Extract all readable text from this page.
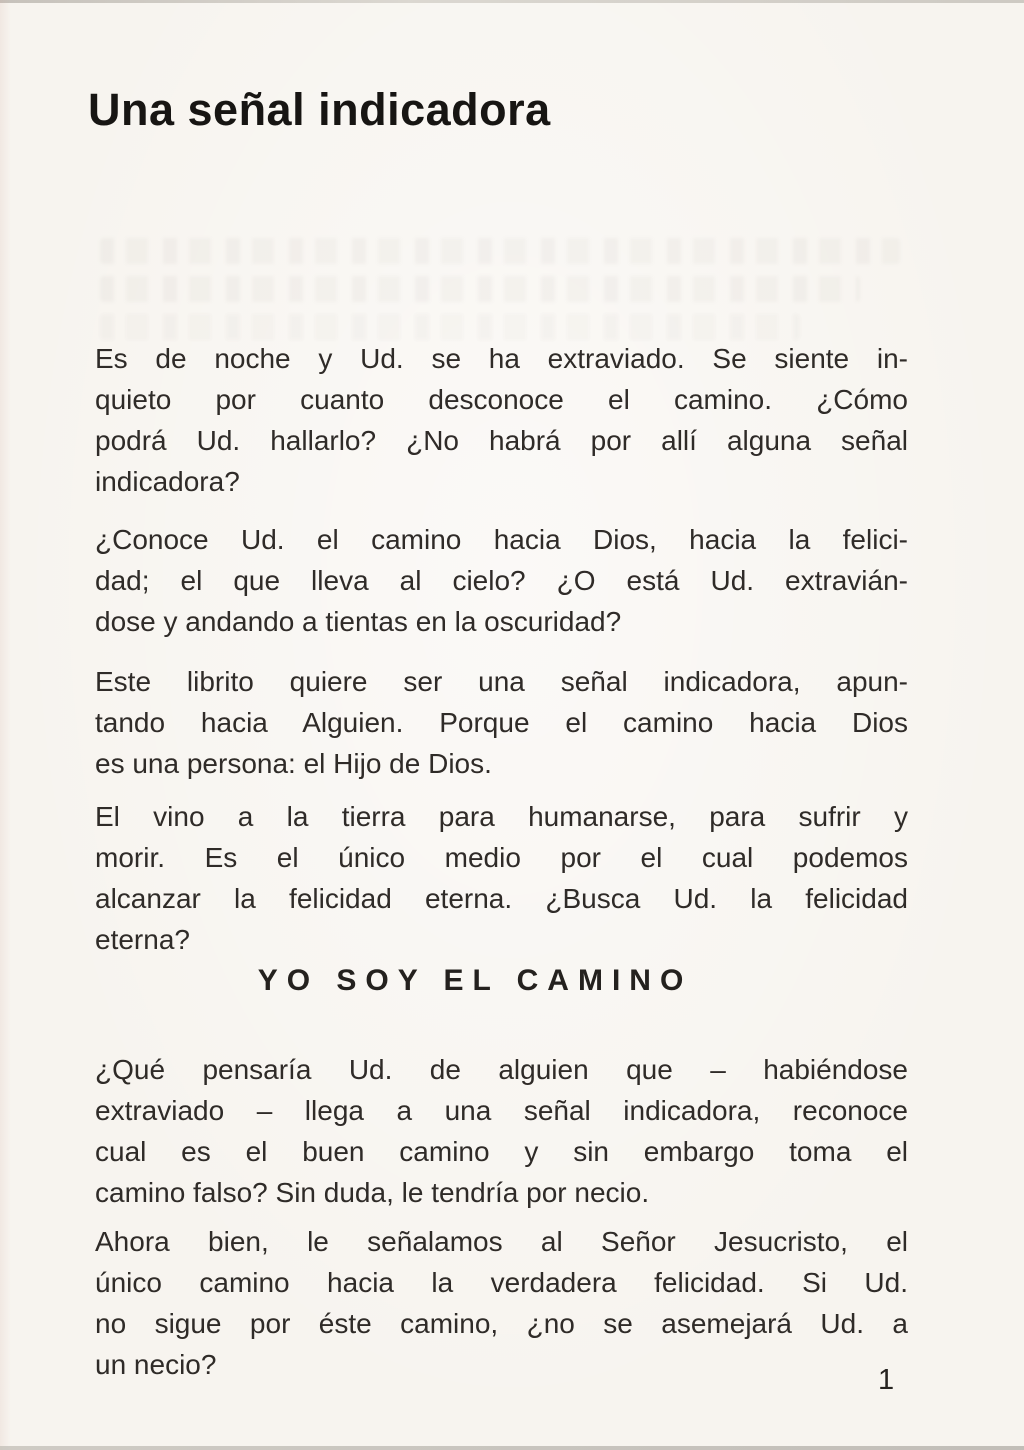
Una señal indicadora
Es de noche y Ud. se ha extraviado. Se siente in-
quieto por cuanto desconoce el camino. ¿Cómo
podrá Ud. hallarlo? ¿No habrá por allí alguna señal
indicadora?
¿Conoce Ud. el camino hacia Dios, hacia la felici-
dad; el que lleva al cielo? ¿O está Ud. extravián-
dose y andando a tientas en la oscuridad?
Este librito quiere ser una señal indicadora, apun-
tando hacia Alguien. Porque el camino hacia Dios
es una persona: el Hijo de Dios.
El vino a la tierra para humanarse, para sufrir y
morir. Es el único medio por el cual podemos
alcanzar la felicidad eterna. ¿Busca Ud. la felicidad
eterna?
YO SOY EL CAMINO
¿Qué pensaría Ud. de alguien que – habiéndose
extraviado – llega a una señal indicadora, reconoce
cual es el buen camino y sin embargo toma el
camino falso? Sin duda, le tendría por necio.
Ahora bien, le señalamos al Señor Jesucristo, el
único camino hacia la verdadera felicidad. Si Ud.
no sigue por éste camino, ¿no se asemejará Ud. a
un necio?	1
